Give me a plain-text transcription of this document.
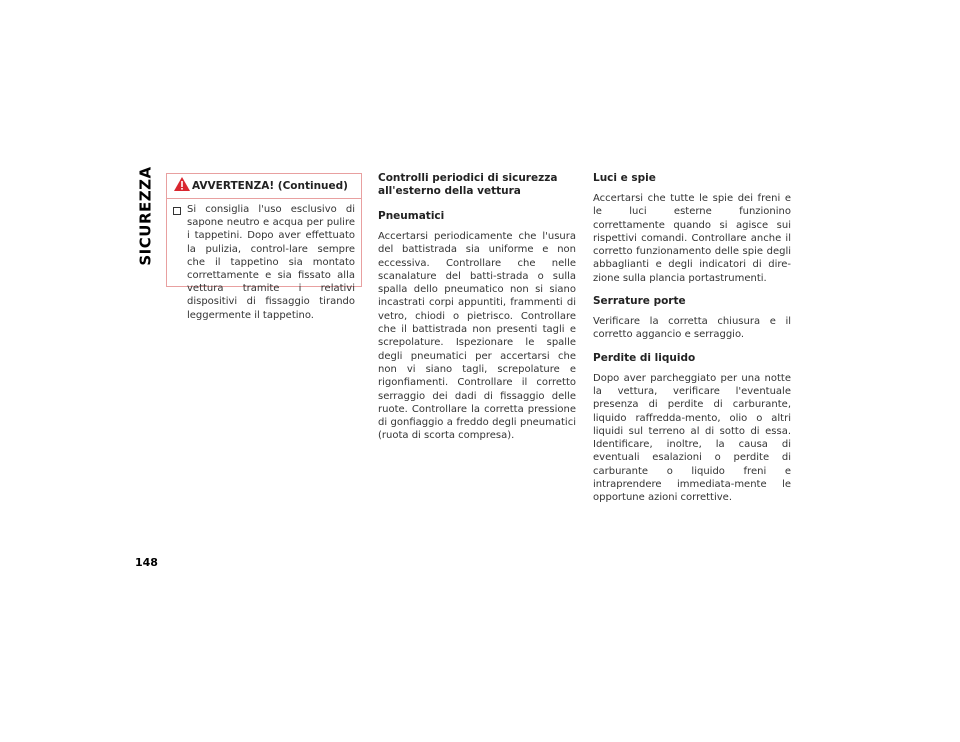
SICUREZZA
148
AVVERTENZA! (Continued)
Si consiglia l'uso esclusivo di sapone neutro e acqua per pulire i tappetini. Dopo aver effettuato la pulizia, control-lare sempre che il tappetino sia montato correttamente e sia fissato alla vettura tramite i relativi dispositivi di fissaggio tirando leggermente il tappetino.
Controlli periodici di sicurezza all'esterno della vettura
Pneumatici

Accertarsi periodicamente che l'usura del battistrada sia uniforme e non eccessiva. Controllare che nelle scanalature del batti-strada o sulla spalla dello pneumatico non si siano incastrati corpi appuntiti, frammenti di vetro, chiodi o pietrisco. Controllare che il battistrada non presenti tagli e screpolature. Ispezionare le spalle degli pneumatici per accertarsi che non vi siano tagli, screpolature e rigonfiamenti. Controllare il corretto serraggio dei dadi di fissaggio delle ruote. Controllare la corretta pressione di gonfiaggio a freddo degli pneumatici (ruota di scorta compresa).

Luci e spie

Accertarsi che tutte le spie dei freni e le luci esterne funzionino correttamente quando si agisce sui rispettivi comandi. Controllare anche il corretto funzionamento delle spie degli abbaglianti e degli indicatori di dire-zione sulla plancia portastrumenti.

Serrature porte

Verificare la corretta chiusura e il corretto aggancio e serraggio.

Perdite di liquido

Dopo aver parcheggiato per una notte la vettura, verificare l'eventuale presenza di perdite di carburante, liquido raffredda-mento, olio o altri liquidi sul terreno al di sotto di essa. Identificare, inoltre, la causa di eventuali esalazioni o perdite di carburante o liquido freni e intraprendere immediata-mente le opportune azioni correttive.
